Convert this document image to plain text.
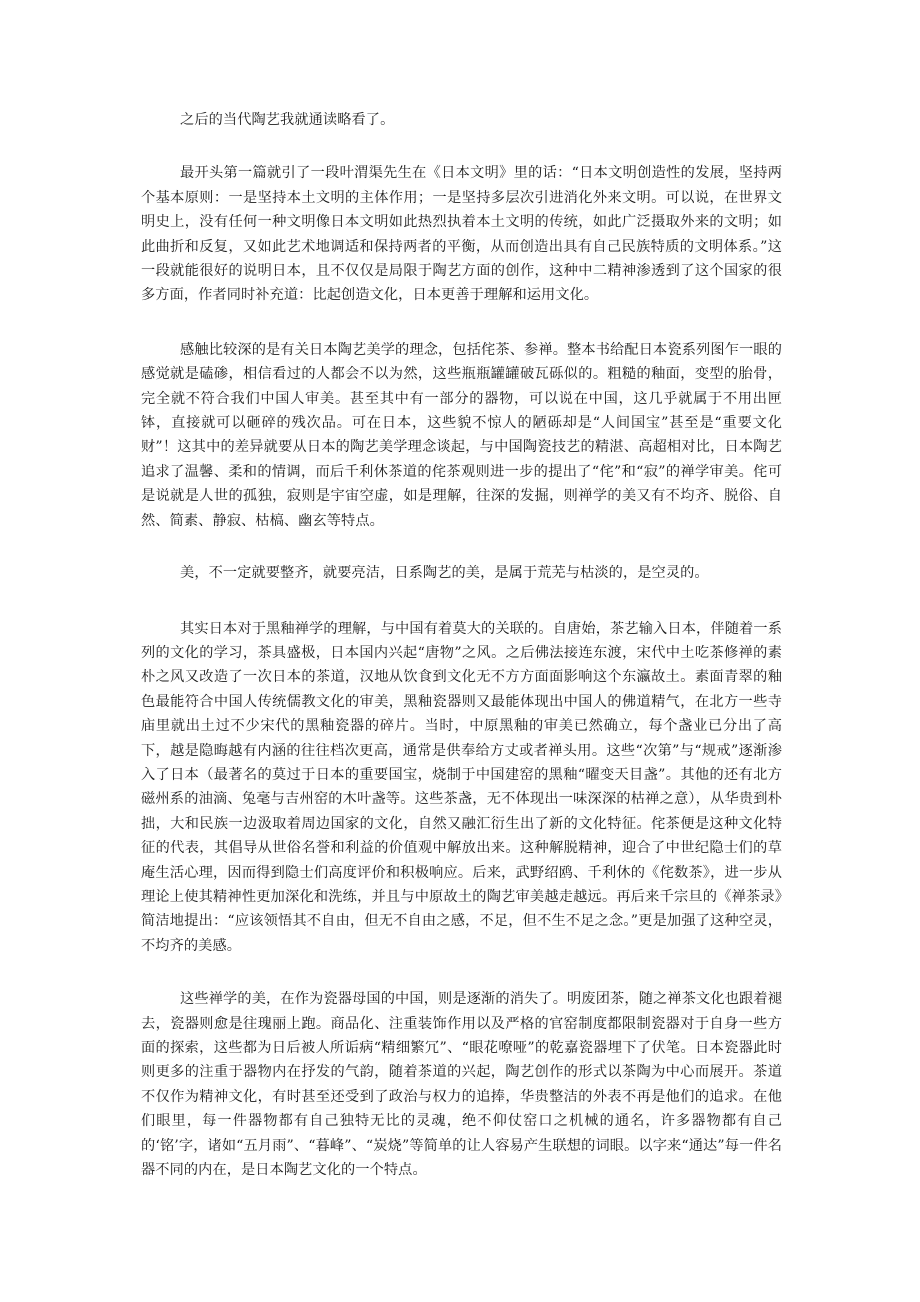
之后的当代陶艺我就通读略看了。

最开头第一篇就引了一段叶渭渠先生在《日本文明》里的话：“日本文明创造性的发展，坚持两个基本原则：一是坚持本土文明的主体作用；一是坚持多层次引进消化外来文明。可以说，在世界文明史上，没有任何一种文明像日本文明如此热烈执着本土文明的传统，如此广泛摄取外来的文明；如此曲折和反复，又如此艺术地调适和保持两者的平衡，从而创造出具有自己民族特质的文明体系。”这一段就能很好的说明日本，且不仅仅是局限于陶艺方面的创作，这种中二精神渗透到了这个国家的很多方面，作者同时补充道：比起创造文化，日本更善于理解和运用文化。

感触比较深的是有关日本陶艺美学的理念，包括侘茶、参禅。整本书给配日本瓷系列图乍一眼的感觉就是磕碜，相信看过的人都会不以为然，这些瓶瓶罐罐破瓦砾似的。粗糙的釉面，变型的胎骨，完全就不符合我们中国人审美。甚至其中有一部分的器物，可以说在中国，这几乎就属于不用出匣钵，直接就可以砸碎的残次品。可在日本，这些貌不惊人的陋砾却是“人间国宝”甚至是“重要文化财”！这其中的差异就要从日本的陶艺美学理念谈起，与中国陶瓷技艺的精湛、高超相对比，日本陶艺追求了温馨、柔和的情调，而后千利休茶道的侘茶观则进一步的提出了“侘”和“寂”的禅学审美。侘可是说就是人世的孤独，寂则是宇宙空虚，如是理解，往深的发掘，则禅学的美又有不均齐、脱俗、自然、简素、静寂、枯槁、幽玄等特点。

美，不一定就要整齐，就要亮洁，日系陶艺的美，是属于荒芜与枯淡的，是空灵的。

其实日本对于黑釉禅学的理解，与中国有着莫大的关联的。自唐始，茶艺输入日本，伴随着一系列的文化的学习，茶具盛极，日本国内兴起“唐物”之风。之后佛法接连东渡，宋代中土吃茶修禅的素朴之风又改造了一次日本的茶道，汉地从饮食到文化无不方方面面影响这个东瀛故土。素面青翠的釉色最能符合中国人传统儒教文化的审美，黑釉瓷器则又最能体现出中国人的佛道精气，在北方一些寺庙里就出土过不少宋代的黑釉瓷器的碎片。当时，中原黑釉的审美已然确立，每个盏业已分出了高下，越是隐晦越有内涵的往往档次更高，通常是供奉给方丈或者禅头用。这些“次第”与“规戒”逐渐渗入了日本（最著名的莫过于日本的重要国宝，烧制于中国建窑的黑釉“曜变天目盏”。其他的还有北方磁州系的油滴、兔毫与吉州窑的木叶盏等。这些茶盏，无不体现出一味深深的枯禅之意），从华贵到朴拙，大和民族一边汲取着周边国家的文化，自然又融汇衍生出了新的文化特征。侘茶便是这种文化特征的代表，其倡导从世俗名誉和利益的价值观中解放出来。这种解脱精神，迎合了中世纪隐士们的草庵生活心理，因而得到隐士们高度评价和积极响应。后来，武野绍鸥、千利休的《侘数茶》，进一步从理论上使其精神性更加深化和洗练，并且与中原故土的陶艺审美越走越远。再后来千宗旦的《禅茶录》简洁地提出：“应该领悟其不自由，但无不自由之感，不足，但不生不足之念。”更是加强了这种空灵，不均齐的美感。

这些禅学的美，在作为瓷器母国的中国，则是逐渐的消失了。明废团茶，随之禅茶文化也跟着褪去，瓷器则愈是往瑰丽上跑。商品化、注重装饰作用以及严格的官窑制度都限制瓷器对于自身一些方面的探索，这些都为日后被人所诟病“精细繁冗”、“眼花嘹哑”的乾嘉瓷器埋下了伏笔。日本瓷器此时则更多的注重于器物内在抒发的气韵，随着茶道的兴起，陶艺创作的形式以茶陶为中心而展开。茶道不仅作为精神文化，有时甚至还受到了政治与权力的追捧，华贵整洁的外表不再是他们的追求。在他们眼里，每一件器物都有自己独特无比的灵魂，绝不仰仗窑口之机械的通名，许多器物都有自己的‘铭’字，诸如“五月雨”、“暮峰”、“炭烧”等简单的让人容易产生联想的词眼。以字来“通达”每一件名器不同的内在，是日本陶艺文化的一个特点。
